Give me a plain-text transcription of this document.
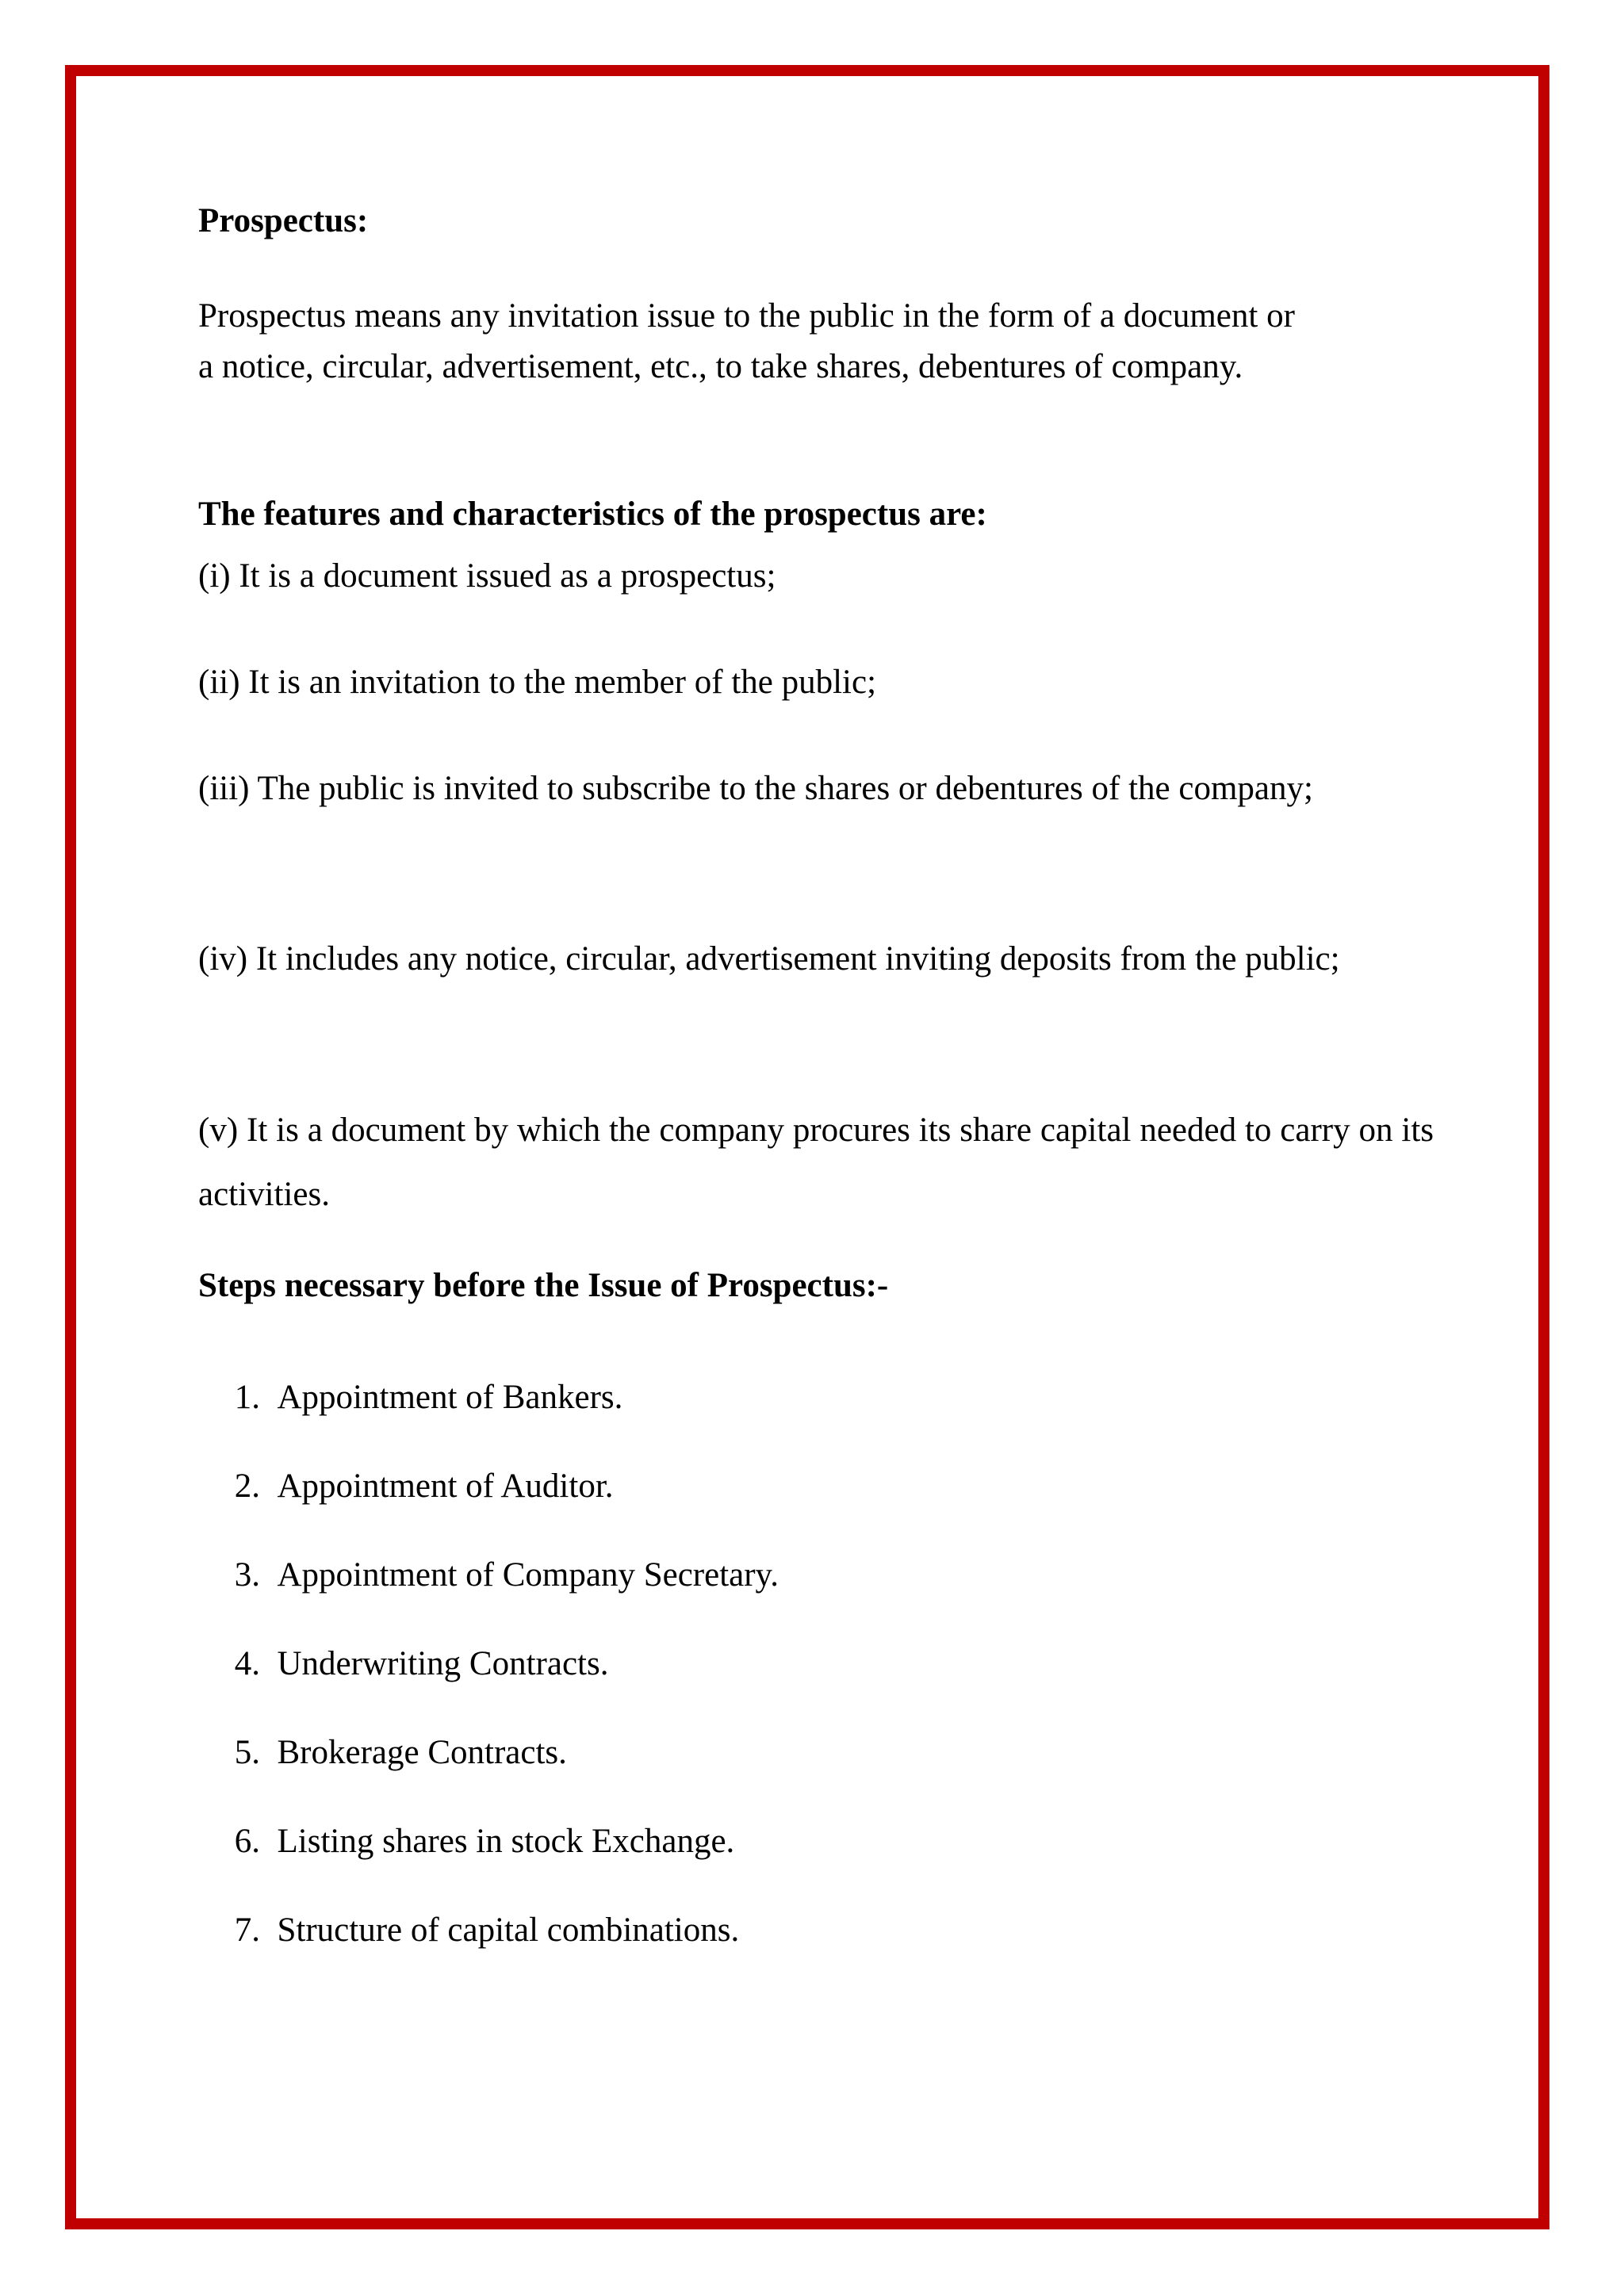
Prospectus:

Prospectus means any invitation issue to the public in the form of a document or

a notice, circular, advertisement, etc., to take shares, debentures of company.

The features and characteristics of the prospectus are:

(i) It is a document issued as a prospectus;

(ii) It is an invitation to the member of the public;

(iii) The public is invited to subscribe to the shares or debentures of the company;

(iv) It includes any notice, circular, advertisement inviting deposits from the public;

(v) It is a document by which the company procures its share capital needed to carry on its activities.

Steps necessary before the Issue of Prospectus:-

1. Appointment of Bankers.
2. Appointment of Auditor.
3. Appointment of Company Secretary.
4. Underwriting Contracts.
5. Brokerage Contracts.
6. Listing shares in stock Exchange.
7. Structure of capital combinations.
